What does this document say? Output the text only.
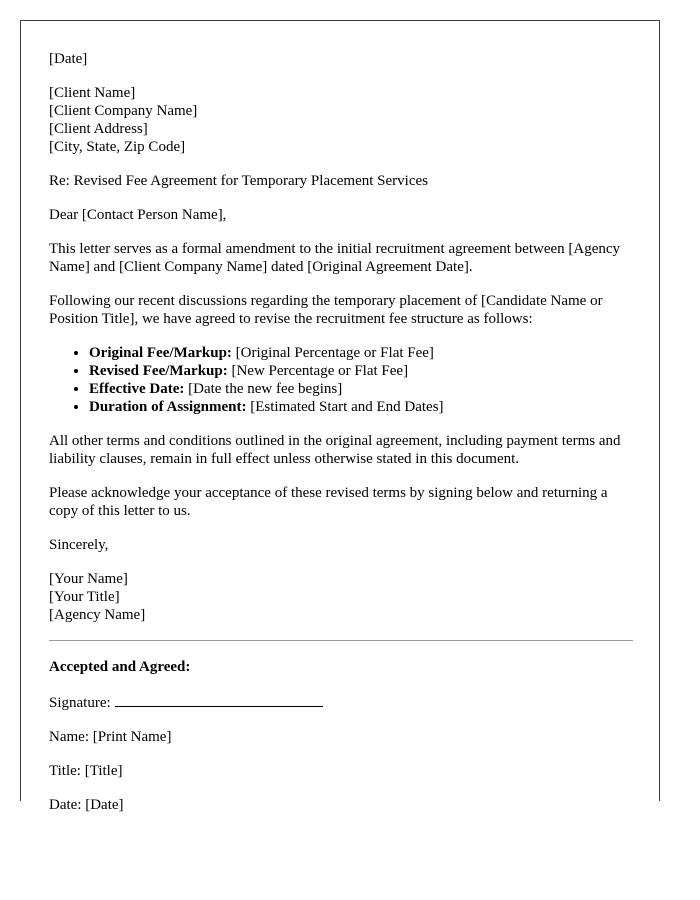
[Date]

[Client Name]
[Client Company Name]
[Client Address]
[City, State, Zip Code]

Re: Revised Fee Agreement for Temporary Placement Services

Dear [Contact Person Name],

This letter serves as a formal amendment to the initial recruitment agreement between [Agency Name] and [Client Company Name] dated [Original Agreement Date].

Following our recent discussions regarding the temporary placement of [Candidate Name or Position Title], we have agreed to revise the recruitment fee structure as follows:

• Original Fee/Markup: [Original Percentage or Flat Fee]
• Revised Fee/Markup: [New Percentage or Flat Fee]
• Effective Date: [Date the new fee begins]
• Duration of Assignment: [Estimated Start and End Dates]

All other terms and conditions outlined in the original agreement, including payment terms and liability clauses, remain in full effect unless otherwise stated in this document.

Please acknowledge your acceptance of these revised terms by signing below and returning a copy of this letter to us.

Sincerely,

[Your Name]
[Your Title]
[Agency Name]

Accepted and Agreed:

Signature:

Name: [Print Name]

Title: [Title]

Date: [Date]
